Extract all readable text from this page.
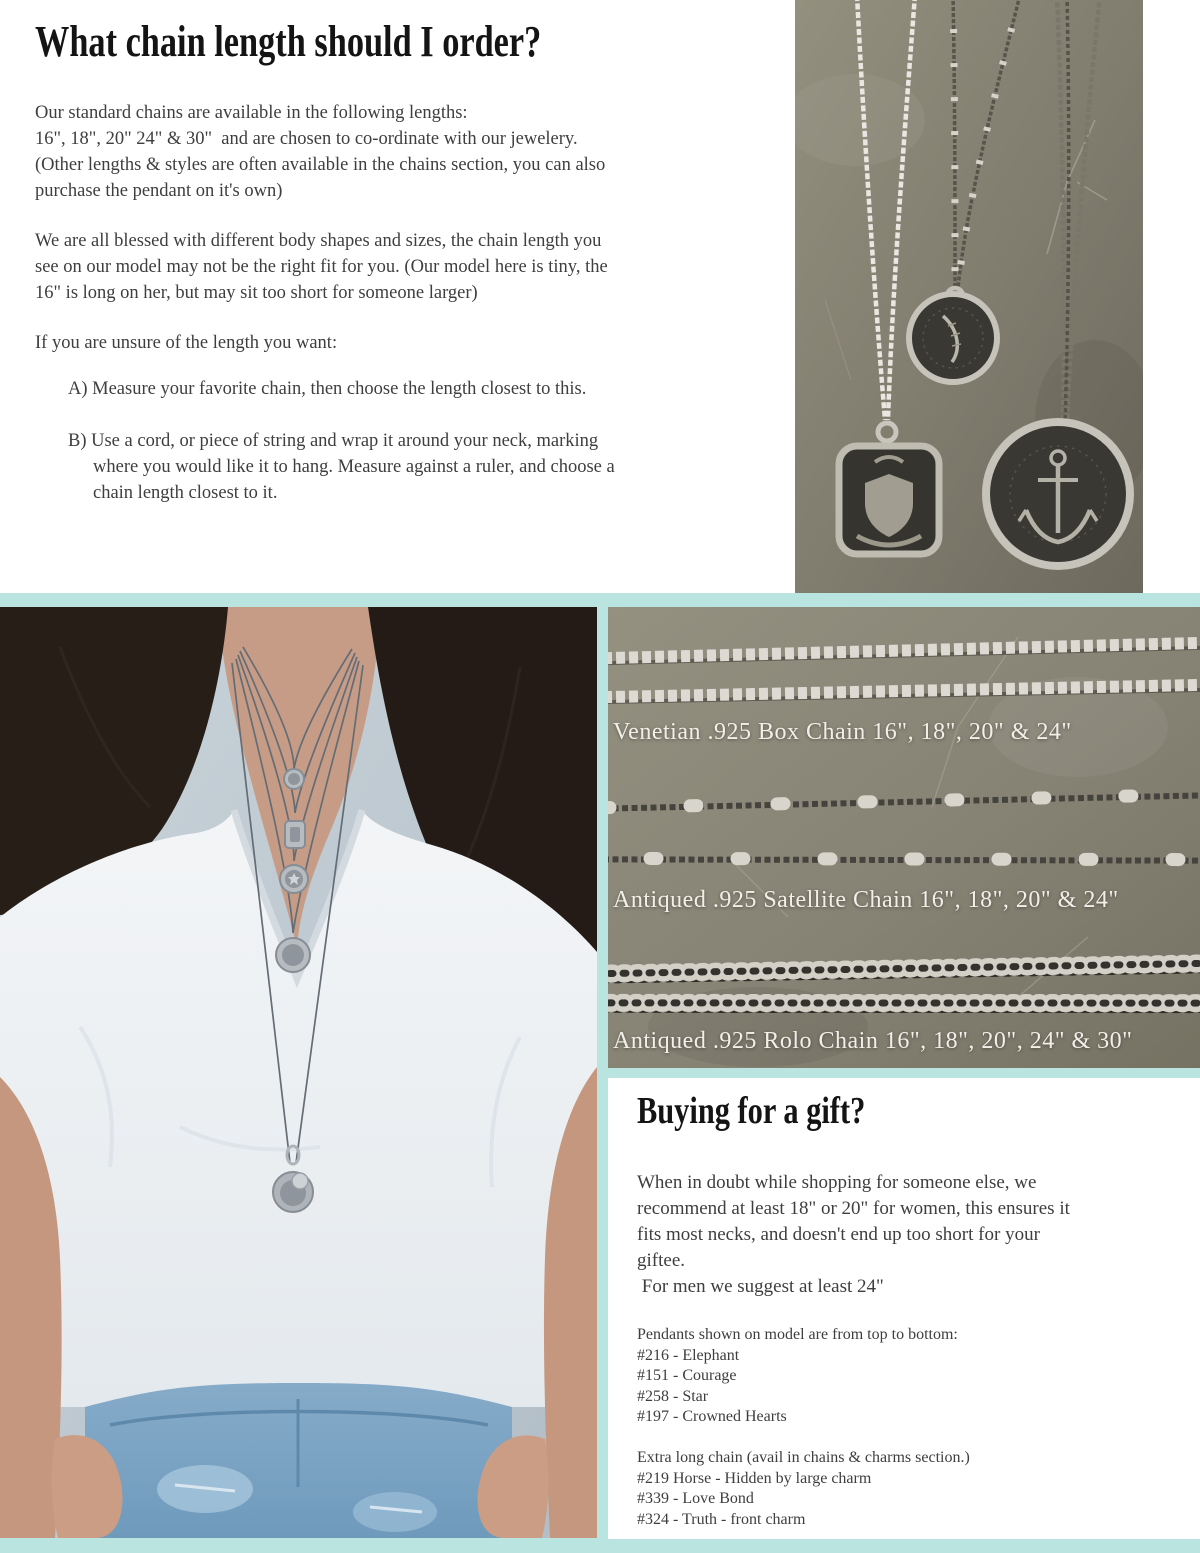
What chain length should I order?
Our standard chains are available in the following lengths:
16", 18", 20" 24" & 30"  and are chosen to co-ordinate with our jewelery.
(Other lengths & styles are often available in the chains section, you can also
purchase the pendant on it's own)
We are all blessed with different body shapes and sizes, the chain length you
see on our model may not be the right fit for you. (Our model here is tiny, the
16" is long on her, but may sit too short for someone larger)
If you are unsure of the length you want:
A) Measure your favorite chain, then choose the length closest to this.
B) Use a cord, or piece of string and wrap it around your neck, marking
where you would like it to hang. Measure against a ruler, and choose a
chain length closest to it.
Venetian .925 Box Chain 16", 18", 20" & 24"
Antiqued .925 Satellite Chain 16", 18", 20" & 24"
Antiqued .925 Rolo Chain 16", 18", 20", 24" & 30"
Buying for a gift?
When in doubt while shopping for someone else, we
recommend at least 18" or 20" for women, this ensures it
fits most necks, and doesn't end up too short for your
giftee.
For men we suggest at least 24"
Pendants shown on model are from top to bottom:
#216 - Elephant
#151 - Courage
#258 - Star
#197 - Crowned Hearts
Extra long chain (avail in chains & charms section.)
#219 Horse - Hidden by large charm
#339 - Love Bond
#324 - Truth - front charm
